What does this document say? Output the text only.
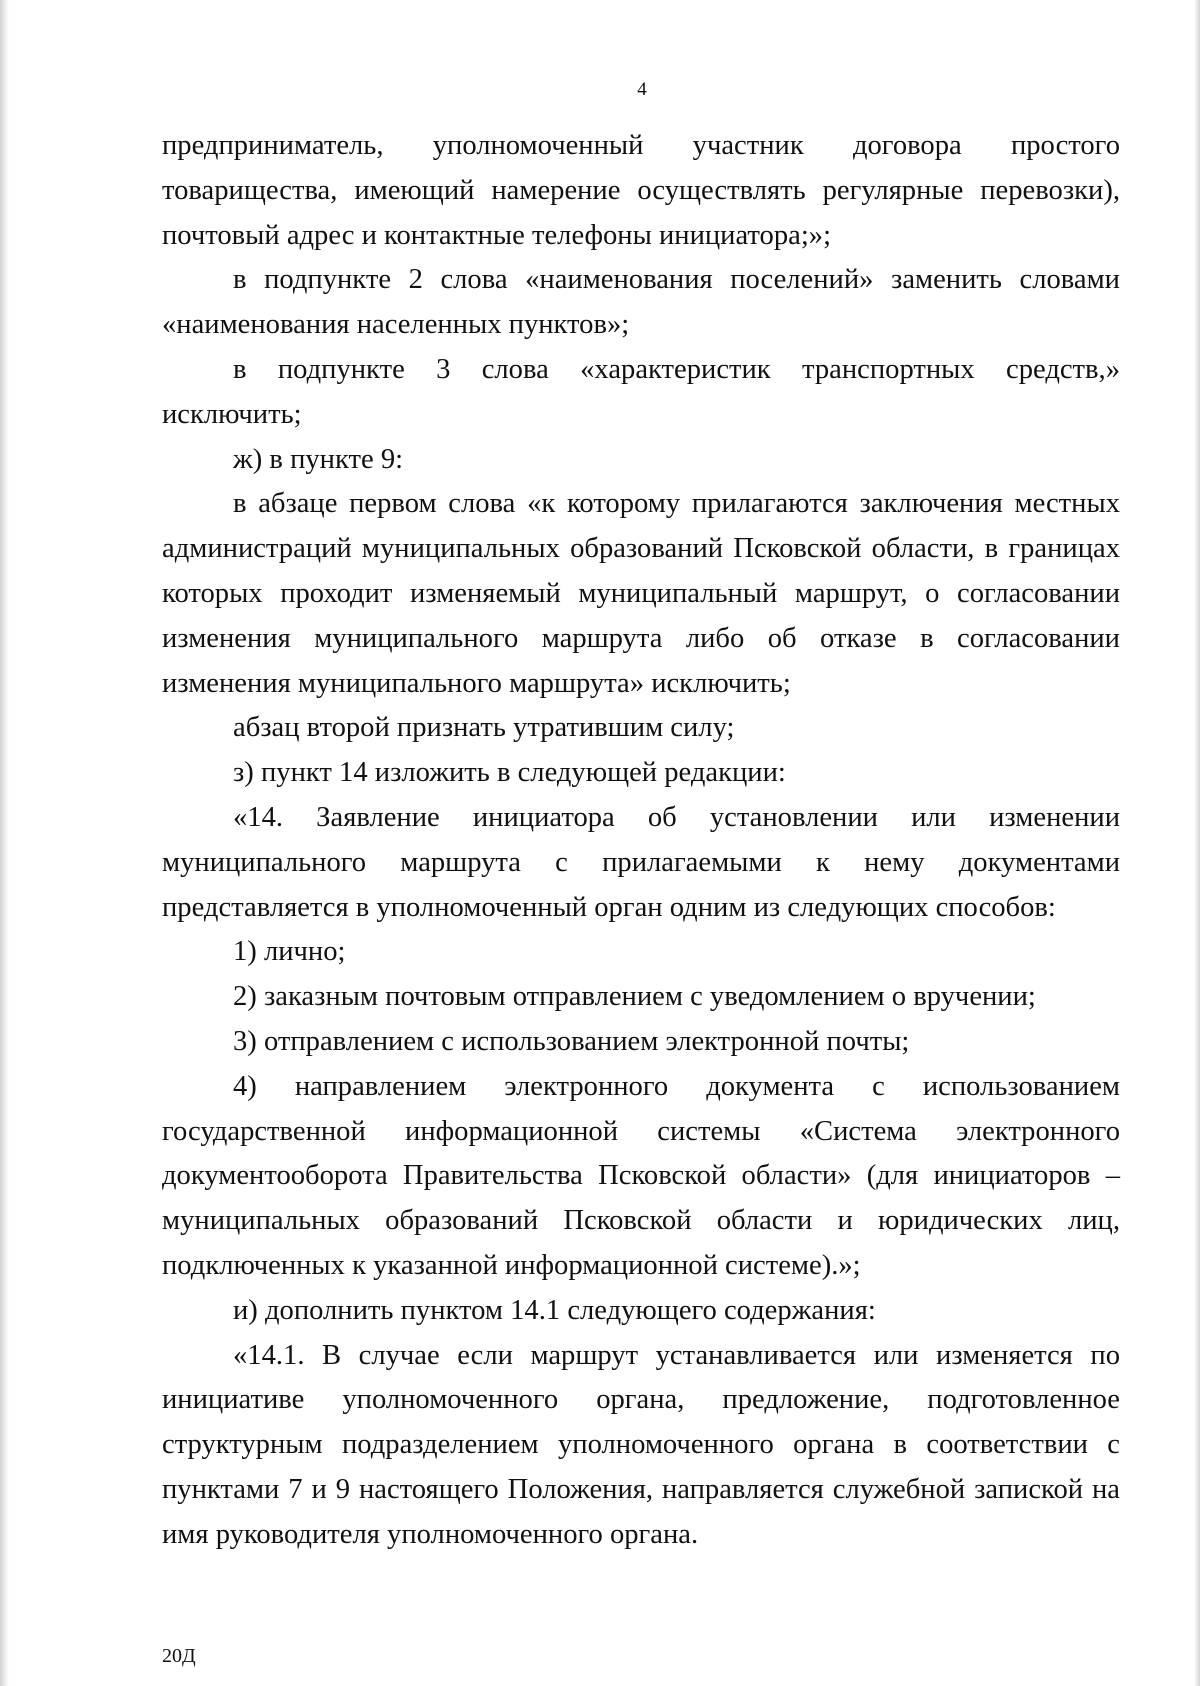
4

предприниматель, уполномоченный участник договора простого товарищества, имеющий намерение осуществлять регулярные перевозки), почтовый адрес и контактные телефоны инициатора;»;

в подпункте 2 слова «наименования поселений» заменить словами «наименования населенных пунктов»;

в подпункте 3 слова «характеристик транспортных средств,» исключить;

ж) в пункте 9:

в абзаце первом слова «к которому прилагаются заключения местных администраций муниципальных образований Псковской области, в границах которых проходит изменяемый муниципальный маршрут, о согласовании изменения муниципального маршрута либо об отказе в согласовании изменения муниципального маршрута» исключить;

абзац второй признать утратившим силу;

з) пункт 14 изложить в следующей редакции:

«14. Заявление инициатора об установлении или изменении муниципального маршрута с прилагаемыми к нему документами представляется в уполномоченный орган одним из следующих способов:

1) лично;

2) заказным почтовым отправлением с уведомлением о вручении;

3) отправлением с использованием электронной почты;

4) направлением электронного документа с использованием государственной информационной системы «Система электронного документооборота Правительства Псковской области» (для инициаторов – муниципальных образований Псковской области и юридических лиц, подключенных к указанной информационной системе).»;

и) дополнить пунктом 14.1 следующего содержания:

«14.1. В случае если маршрут устанавливается или изменяется по инициативе уполномоченного органа, предложение, подготовленное структурным подразделением уполномоченного органа в соответствии с пунктами 7 и 9 настоящего Положения, направляется служебной запиской на имя руководителя уполномоченного органа.

20Д
